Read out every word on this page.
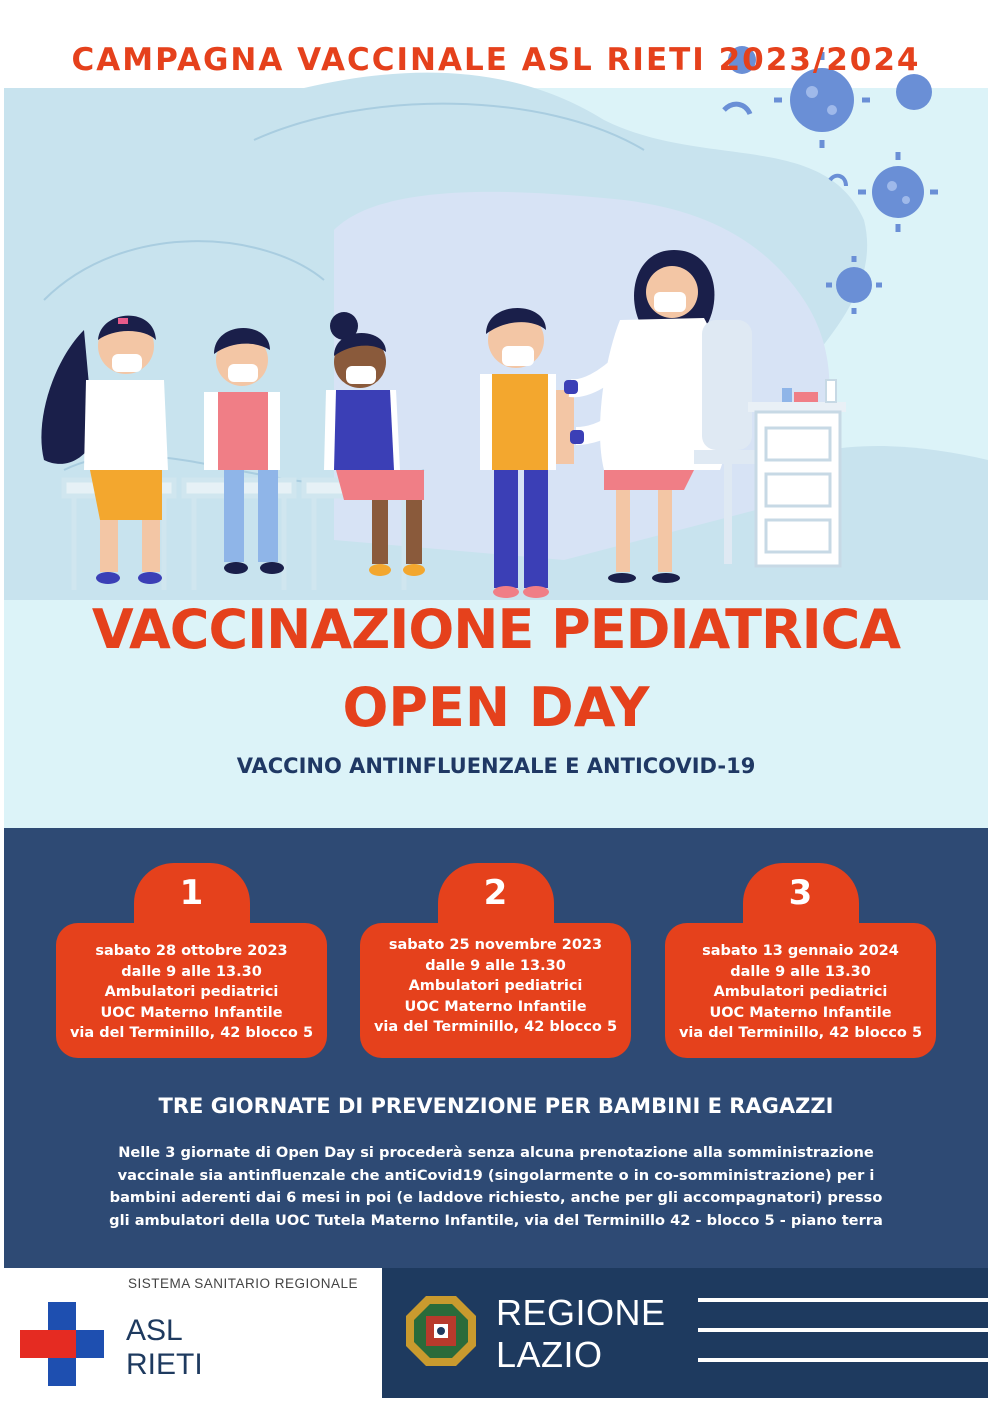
CAMPAGNA VACCINALE ASL RIETI 2023/2024
VACCINAZIONE PEDIATRICA
OPEN DAY
VACCINO ANTINFLUENZALE E ANTICOVID-19
1
sabato 28 ottobre 2023
dalle 9 alle 13.30
Ambulatori pediatrici
UOC Materno Infantile
via del Terminillo, 42 blocco 5
2
sabato 25 novembre 2023
dalle 9 alle 13.30
Ambulatori pediatrici
UOC Materno Infantile
via del Terminillo, 42 blocco 5
3
sabato 13 gennaio 2024
dalle 9 alle 13.30
Ambulatori pediatrici
UOC Materno Infantile
via del Terminillo, 42 blocco 5
TRE GIORNATE DI PREVENZIONE PER BAMBINI E RAGAZZI
Nelle 3 giornate di Open Day si procederà senza alcuna prenotazione alla somministrazione
vaccinale sia antinfluenzale che antiCovid19 (singolarmente o in co-somministrazione) per i
bambini aderenti dai 6 mesi in poi (e laddove richiesto, anche per gli accompagnatori) presso
gli ambulatori della UOC Tutela Materno Infantile, via del Terminillo 42 - blocco 5 - piano terra
SISTEMA SANITARIO REGIONALE
ASL
RIETI
REGIONE
LAZIO
